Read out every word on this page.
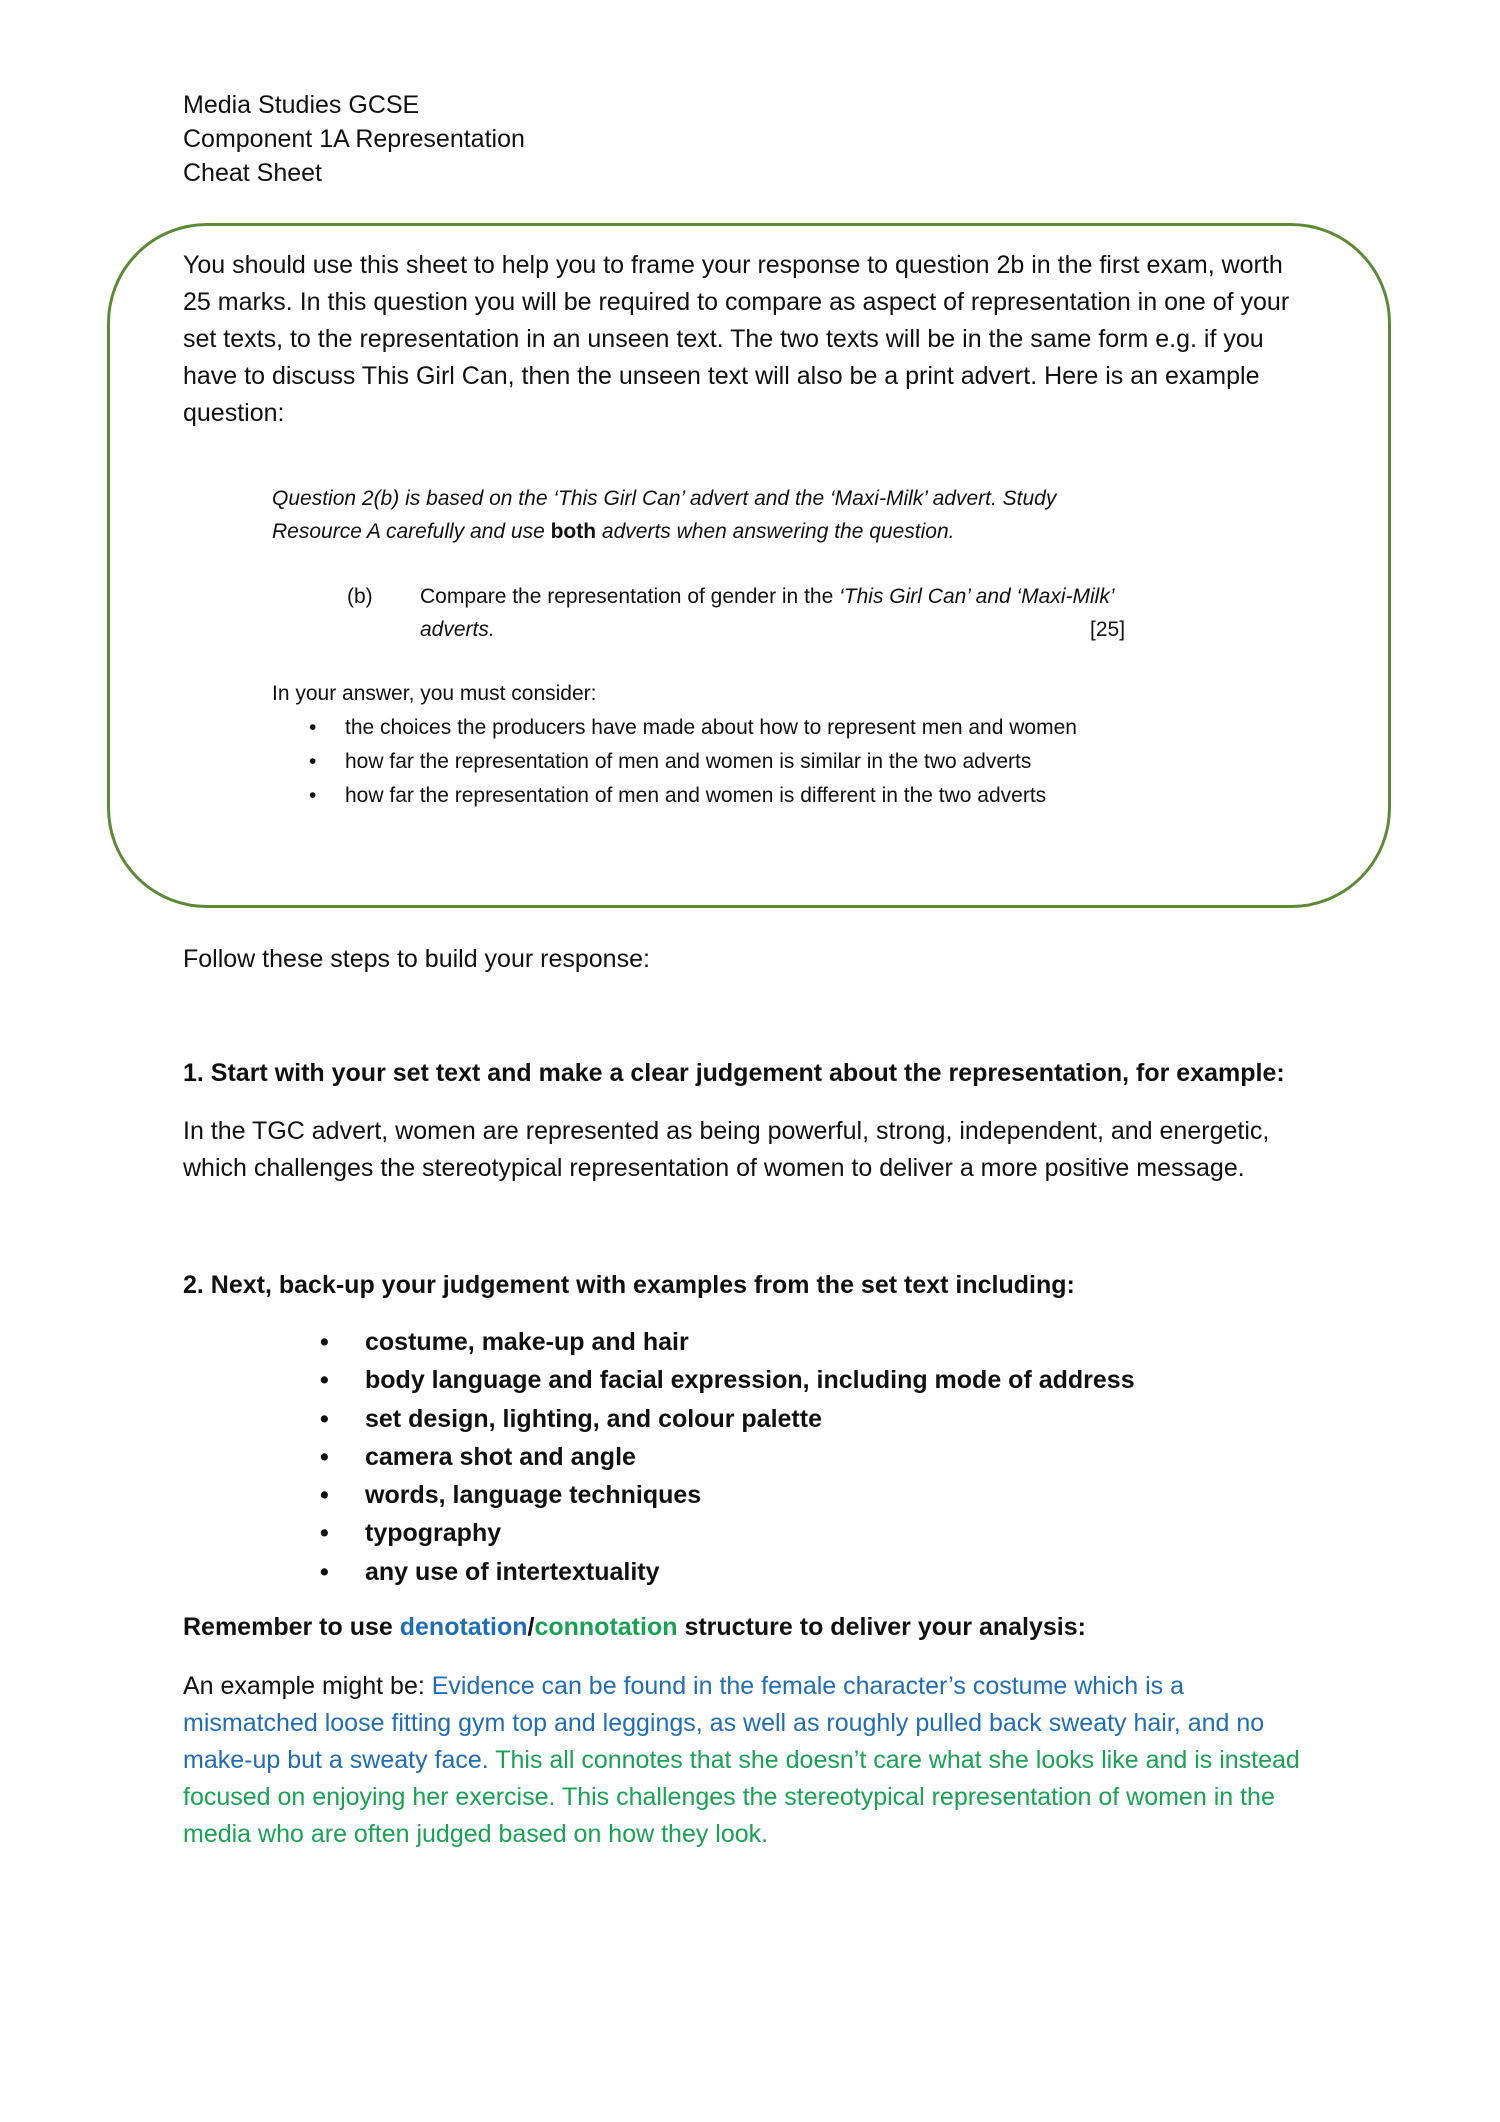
Media Studies GCSE
Component 1A Representation
Cheat Sheet
You should use this sheet to help you to frame your response to question 2b in the first exam, worth
25 marks. In this question you will be required to compare as aspect of representation in one of your
set texts, to the representation in an unseen text. The two texts will be in the same form e.g. if you
have to discuss This Girl Can, then the unseen text will also be a print advert. Here is an example
question:
Question 2(b) is based on the ‘This Girl Can’ advert and the ‘Maxi-Milk’ advert. Study
Resource A carefully and use both adverts when answering the question.
(b) Compare the representation of gender in the ‘This Girl Can’ and ‘Maxi-Milk’
adverts.	[25]
In your answer, you must consider:
• the choices the producers have made about how to represent men and women
• how far the representation of men and women is similar in the two adverts
• how far the representation of men and women is different in the two adverts
Follow these steps to build your response:
1. Start with your set text and make a clear judgement about the representation, for example:
In the TGC advert, women are represented as being powerful, strong, independent, and energetic,
which challenges the stereotypical representation of women to deliver a more positive message.
2. Next, back-up your judgement with examples from the set text including:
• costume, make-up and hair
• body language and facial expression, including mode of address
• set design, lighting, and colour palette
• camera shot and angle
• words, language techniques
• typography
• any use of intertextuality
Remember to use denotation/connotation structure to deliver your analysis:
An example might be: Evidence can be found in the female character’s costume which is a
mismatched loose fitting gym top and leggings, as well as roughly pulled back sweaty hair, and no
make-up but a sweaty face. This all connotes that she doesn’t care what she looks like and is instead
focused on enjoying her exercise. This challenges the stereotypical representation of women in the
media who are often judged based on how they look.
